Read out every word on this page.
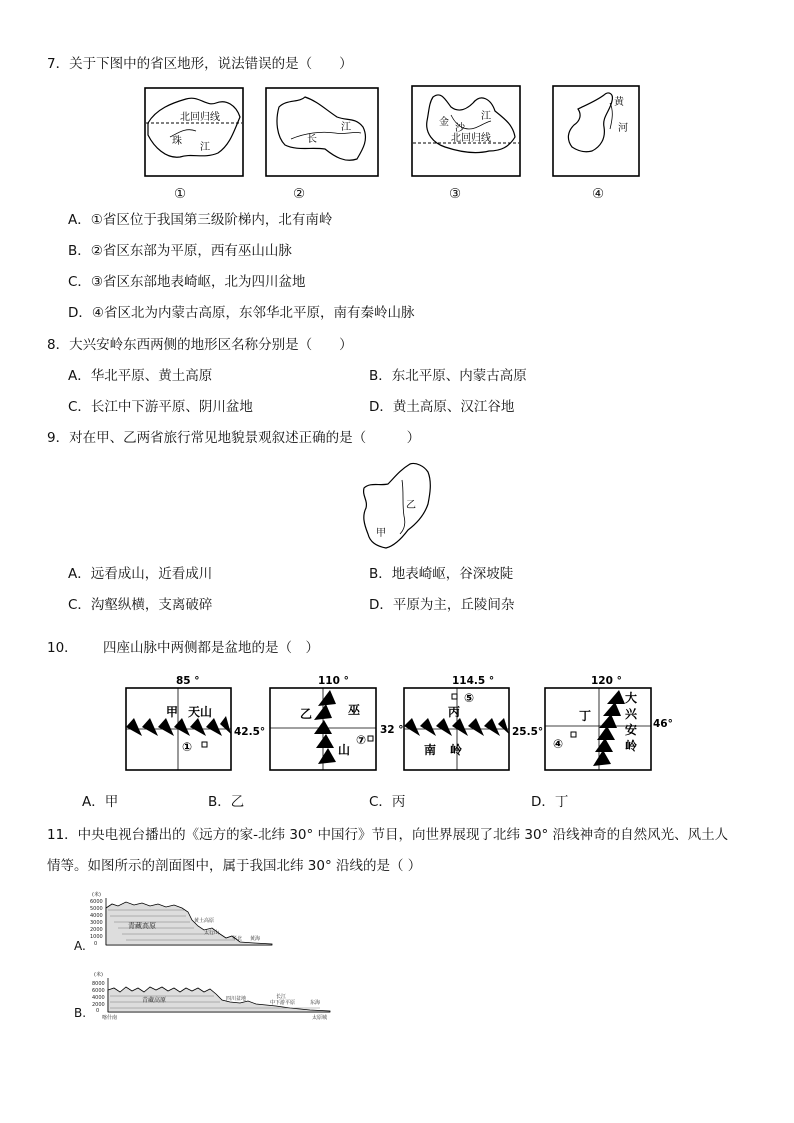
7．关于下图中的省区地形，说法错误的是（　　）
北回归线
珠
江
长
江	金
沙
江
北回归线
黄
河
①	②	③	④
A．①省区位于我国第三级阶梯内，北有南岭
B．②省区东部为平原，西有巫山山脉
C．③省区东部地表崎岖，北为四川盆地
D．④省区北为内蒙古高原，东邻华北平原，南有秦岭山脉
8．大兴安岭东西两侧的地形区名称分别是（　　）
A．华北平原、黄土高原	B．东北平原、内蒙古高原
C．长江中下游平原、阴川盆地	D．黄土高原、汉江谷地
9．对在甲、乙两省旅行常见地貌景观叙述正确的是（　　　）
乙
甲
A．远看成山，近看成川	B．地表崎岖，谷深坡陡
C．沟壑纵横，支离破碎	D．平原为主，丘陵间杂
10． 四座山脉中两侧都是盆地的是（　）
85 °
甲 天山
①
42.5°
110 °
乙	巫
山
⑦
32 °
114.5 °
⑤
丙
南 岭
25.5°
120 °
大
兴
安
岭
丁
④
46°
A．甲	B．乙	C．丙	D．丁
11．中央电视台播出的《远方的家-北纬 30° 中国行》节目，向世界展现了北纬 30° 沿线神奇的自然风光、风土人
情等。如图所示的剖面图中，属于我国北纬 30° 沿线的是（ ）
(米)
6000
5000
4000
3000
2000
1000
0
青藏高原
黄土高原
太行山
华北 黄海
A.
(米)
8000
6000
4000
2000
0
青藏高原	四川盆地	长江
中下游平原	东海
喀什南	太原城
B.
